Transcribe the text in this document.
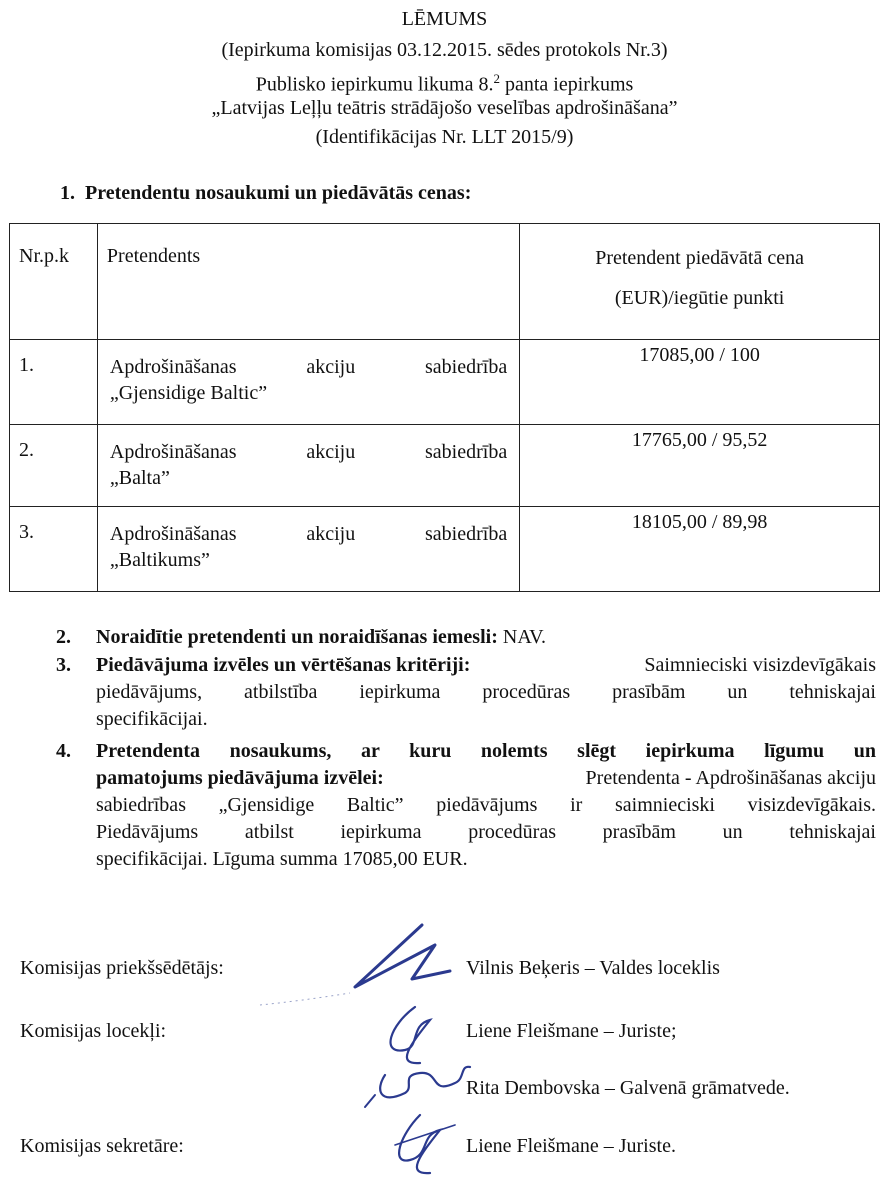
LĒMUMS
(Iepirkuma komisijas 03.12.2015. sēdes protokols Nr.3)
Publisko iepirkumu likuma 8.$^2$ panta iepirkums
„Latvijas Leļļu teātris strādājošo veselības apdrošināšana”
(Identifikācijas Nr. LLT 2015/9)
1.  Pretendentu nosaukumi un piedāvātās cenas:
Nr.p.k	Pretendents	Pretendent piedāvātā cena
(EUR)/iegūtie punkti

1.	Apdrošināšanas akciju sabiedrība
„Gjensidige Baltic”	17085,00 / 100

2.	Apdrošināšanas akciju sabiedrība
„Balta”	17765,00 / 95,52

3.	Apdrošināšanas akciju sabiedrība
„Baltikums”	18105,00 / 89,98
2. Noraidītie pretendenti un noraidīšanas iemesli: NAV.
3. Piedāvājuma izvēles un vērtēšanas kritēriji:	Saimnieciski visizdevīgākais
piedāvājums, atbilstība iepirkuma procedūras prasībām un tehniskajai
specifikācijai.
4. Pretendenta nosaukums, ar kuru nolemts slēgt iepirkuma līgumu un
pamatojums piedāvājuma izvēlei:	Pretendenta - Apdrošināšanas akciju
sabiedrības „Gjensidige Baltic” piedāvājums ir saimnieciski visizdevīgākais.
Piedāvājums atbilst iepirkuma procedūras prasībām un tehniskajai
specifikācijai. Līguma summa 17085,00 EUR.
Komisijas priekšsēdētājs:	Vilnis Beķeris – Valdes loceklis
Komisijas locekļi:	Liene Fleišmane – Juriste;
Rita Dembovska – Galvenā grāmatvede.
Komisijas sekretāre:	Liene Fleišmane – Juriste.
